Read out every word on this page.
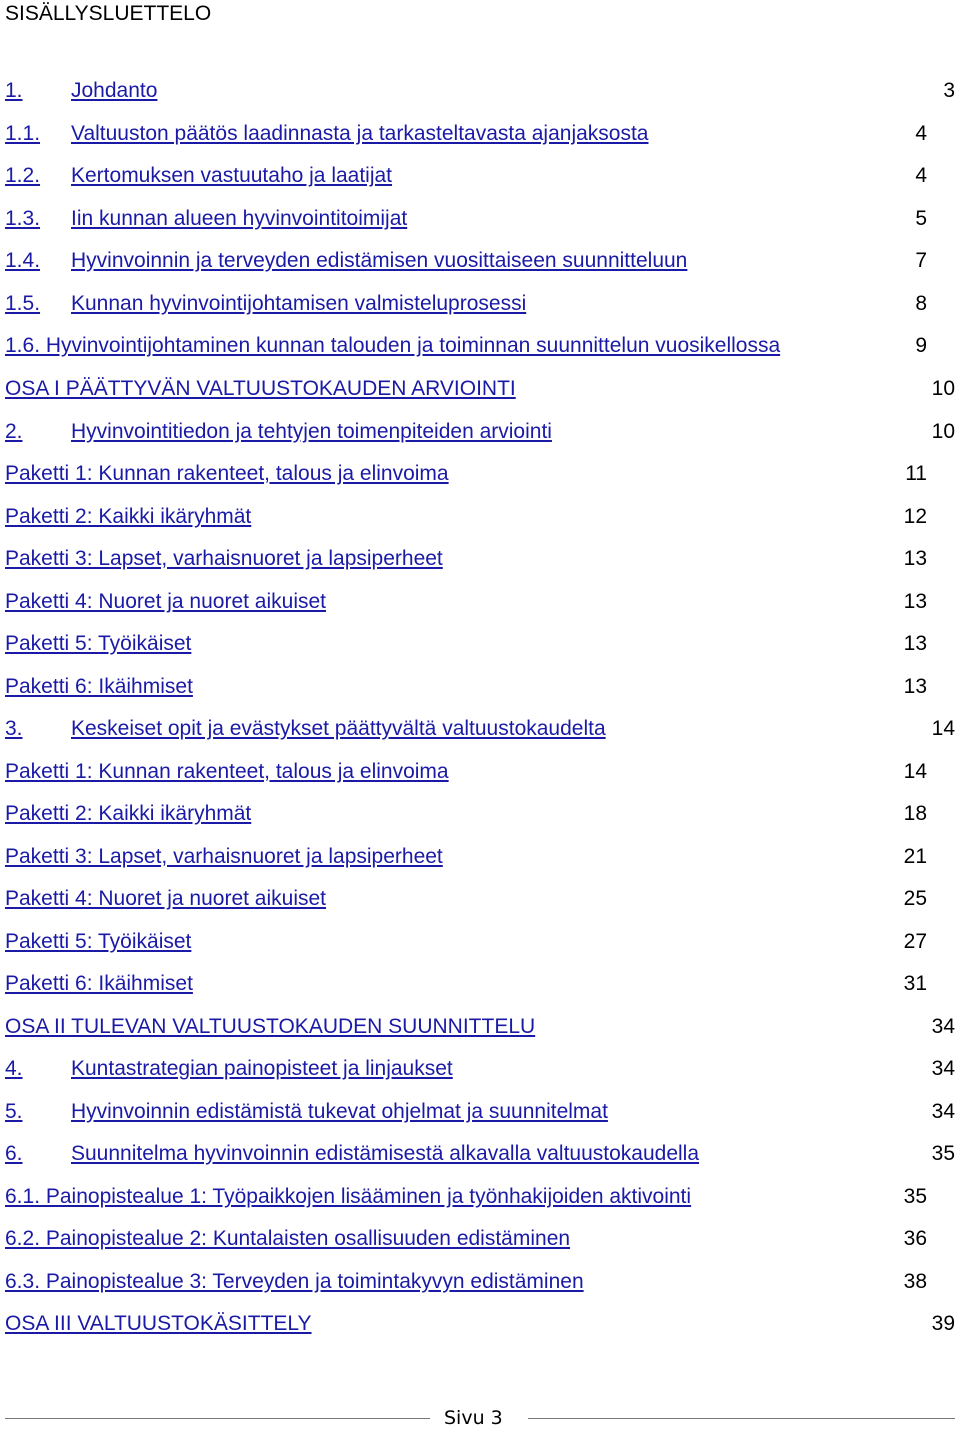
SISÄLLYSLUETTELO
1. Johdanto	3
1.1. Valtuuston päätös laadinnasta ja tarkasteltavasta ajanjaksosta	4
1.2. Kertomuksen vastuutaho ja laatijat	4
1.3. Iin kunnan alueen hyvinvointitoimijat	5
1.4. Hyvinvoinnin ja terveyden edistämisen vuosittaiseen suunnitteluun	7
1.5. Kunnan hyvinvointijohtamisen valmisteluprosessi	8
1.6. Hyvinvointijohtaminen kunnan talouden ja toiminnan suunnittelun vuosikellossa	9
OSA I PÄÄTTYVÄN VALTUUSTOKAUDEN ARVIOINTI	10
2. Hyvinvointitiedon ja tehtyjen toimenpiteiden arviointi	10
Paketti 1: Kunnan rakenteet, talous ja elinvoima	11
Paketti 2: Kaikki ikäryhmät	12
Paketti 3: Lapset, varhaisnuoret ja lapsiperheet	13
Paketti 4: Nuoret ja nuoret aikuiset	13
Paketti 5: Työikäiset	13
Paketti 6: Ikäihmiset	13
3. Keskeiset opit ja evästykset päättyvältä valtuustokaudelta	14
Paketti 1: Kunnan rakenteet, talous ja elinvoima	14
Paketti 2: Kaikki ikäryhmät	18
Paketti 3: Lapset, varhaisnuoret ja lapsiperheet	21
Paketti 4: Nuoret ja nuoret aikuiset	25
Paketti 5: Työikäiset	27
Paketti 6: Ikäihmiset	31
OSA II TULEVAN VALTUUSTOKAUDEN SUUNNITTELU	34
4. Kuntastrategian painopisteet ja linjaukset	34
5. Hyvinvoinnin edistämistä tukevat ohjelmat ja suunnitelmat	34
6. Suunnitelma hyvinvoinnin edistämisestä alkavalla valtuustokaudella	35
6.1. Painopistealue 1: Työpaikkojen lisääminen ja työnhakijoiden aktivointi	35
6.2. Painopistealue 2: Kuntalaisten osallisuuden edistäminen	36
6.3. Painopistealue 3: Terveyden ja toimintakyvyn edistäminen	38
OSA III VALTUUSTOKÄSITTELY	39
Sivu 3
